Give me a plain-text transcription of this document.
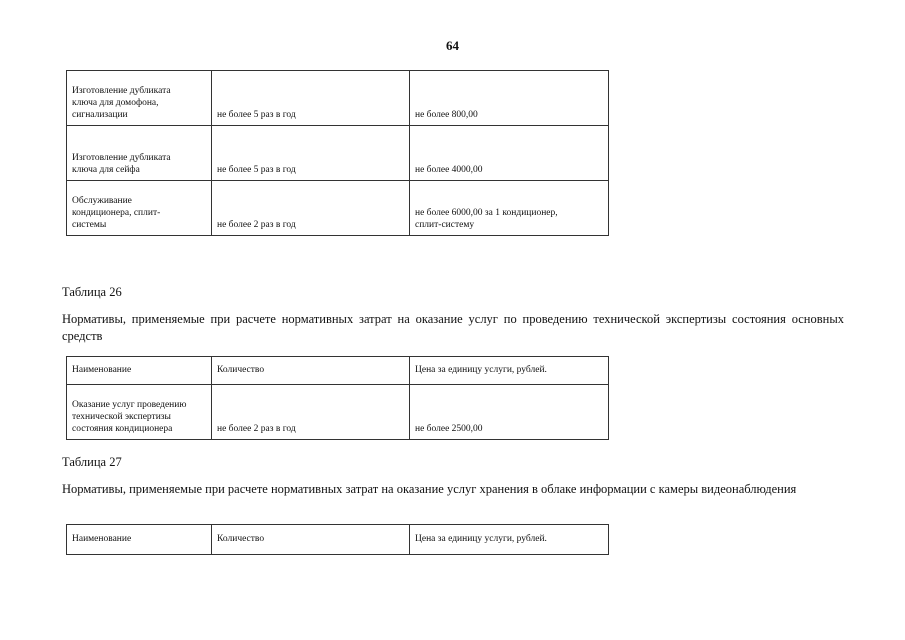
64
Изготовление дубликата
ключа для домофона,
сигнализации	не более 5 раз в год	не более 800,00
Изготовление дубликата
ключа для сейфа	не более 5 раз в год	не более 4000,00
Обслуживание
кондиционера, сплит-
системы	не более 2 раз в год	не более 6000,00 за 1 кондиционер,
сплит-систему
Таблица 26
Нормативы, применяемые при расчете нормативных затрат на оказание услуг по проведению технической экспертизы состояния основных средств
Наименование	Количество	Цена за единицу услуги, рублей.
Оказание услуг проведению
технической экспертизы
состояния кондиционера	не более 2 раз в год	не более 2500,00
Таблица 27
Нормативы, применяемые при расчете нормативных затрат на оказание услуг хранения в облаке информации с камеры видеонаблюдения
Наименование	Количество	Цена за единицу услуги, рублей.
